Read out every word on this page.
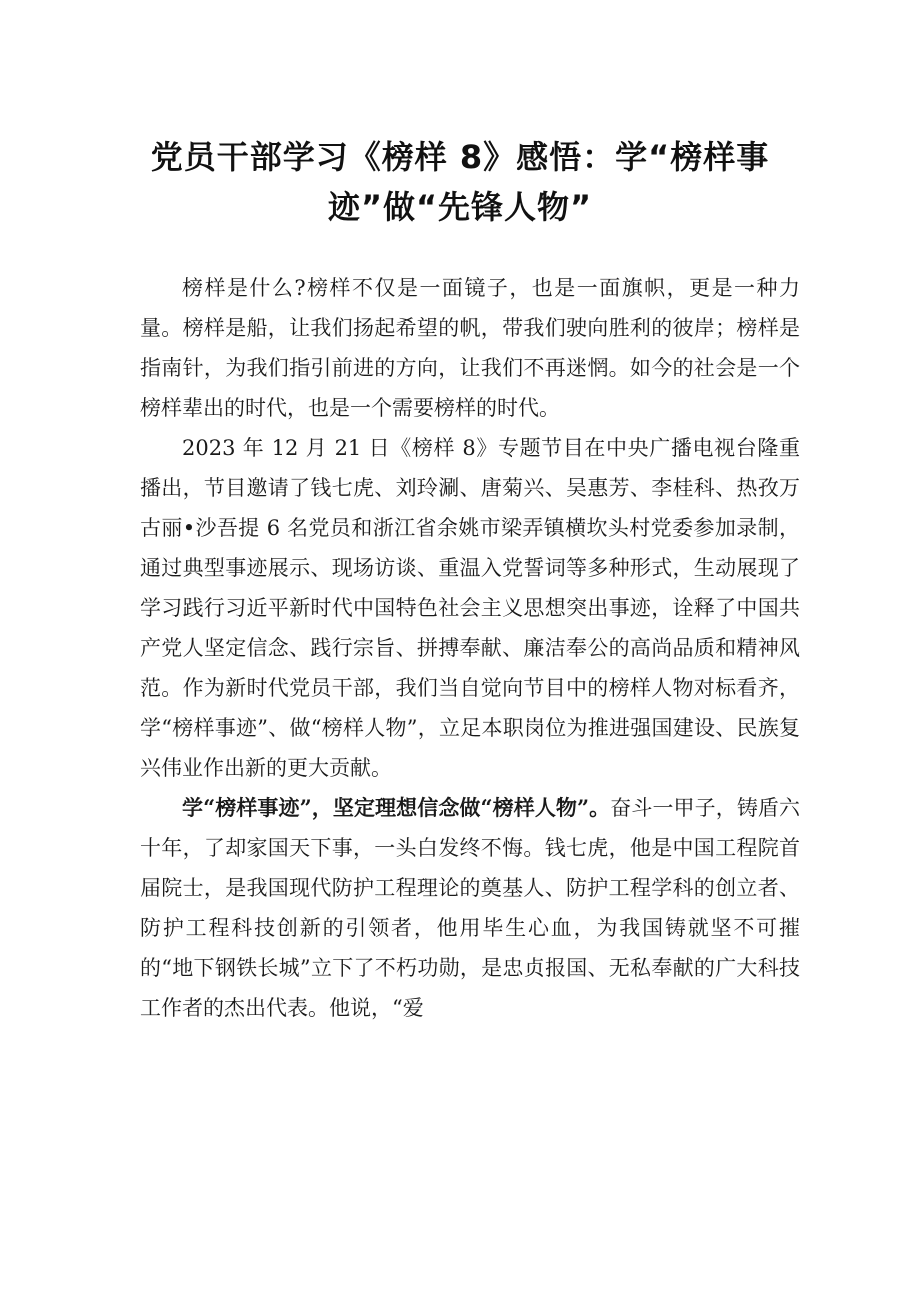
党员干部学习《榜样 8》感悟：学“榜样事
迹”做“先锋人物”

榜样是什么?榜样不仅是一面镜子，也是一面旗帜，更是一种力量。榜样是船，让我们扬起希望的帆，带我们驶向胜利的彼岸；榜样是指南针，为我们指引前进的方向，让我们不再迷惘。如今的社会是一个榜样辈出的时代，也是一个需要榜样的时代。

2023 年 12 月 21 日《榜样 8》专题节目在中央广播电视台隆重播出，节目邀请了钱七虎、刘玲涮、唐菊兴、吴惠芳、李桂科、热孜万古丽•沙吾提 6 名党员和浙江省余姚市梁弄镇横坎头村党委参加录制，通过典型事迹展示、现场访谈、重温入党誓词等多种形式，生动展现了学习践行习近平新时代中国特色社会主义思想突出事迹，诠释了中国共产党人坚定信念、践行宗旨、拼搏奉献、廉洁奉公的高尚品质和精神风范。作为新时代党员干部，我们当自觉向节目中的榜样人物对标看齐，学“榜样事迹”、做“榜样人物”，立足本职岗位为推进强国建设、民族复兴伟业作出新的更大贡献。

学“榜样事迹”，坚定理想信念做“榜样人物”。奋斗一甲子，铸盾六十年，了却家国天下事，一头白发终不悔。钱七虎，他是中国工程院首届院士，是我国现代防护工程理论的奠基人、防护工程学科的创立者、防护工程科技创新的引领者，他用毕生心血，为我国铸就坚不可摧的“地下钢铁长城”立下了不朽功勋，是忠贞报国、无私奉献的广大科技工作者的杰出代表。他说，“爱
